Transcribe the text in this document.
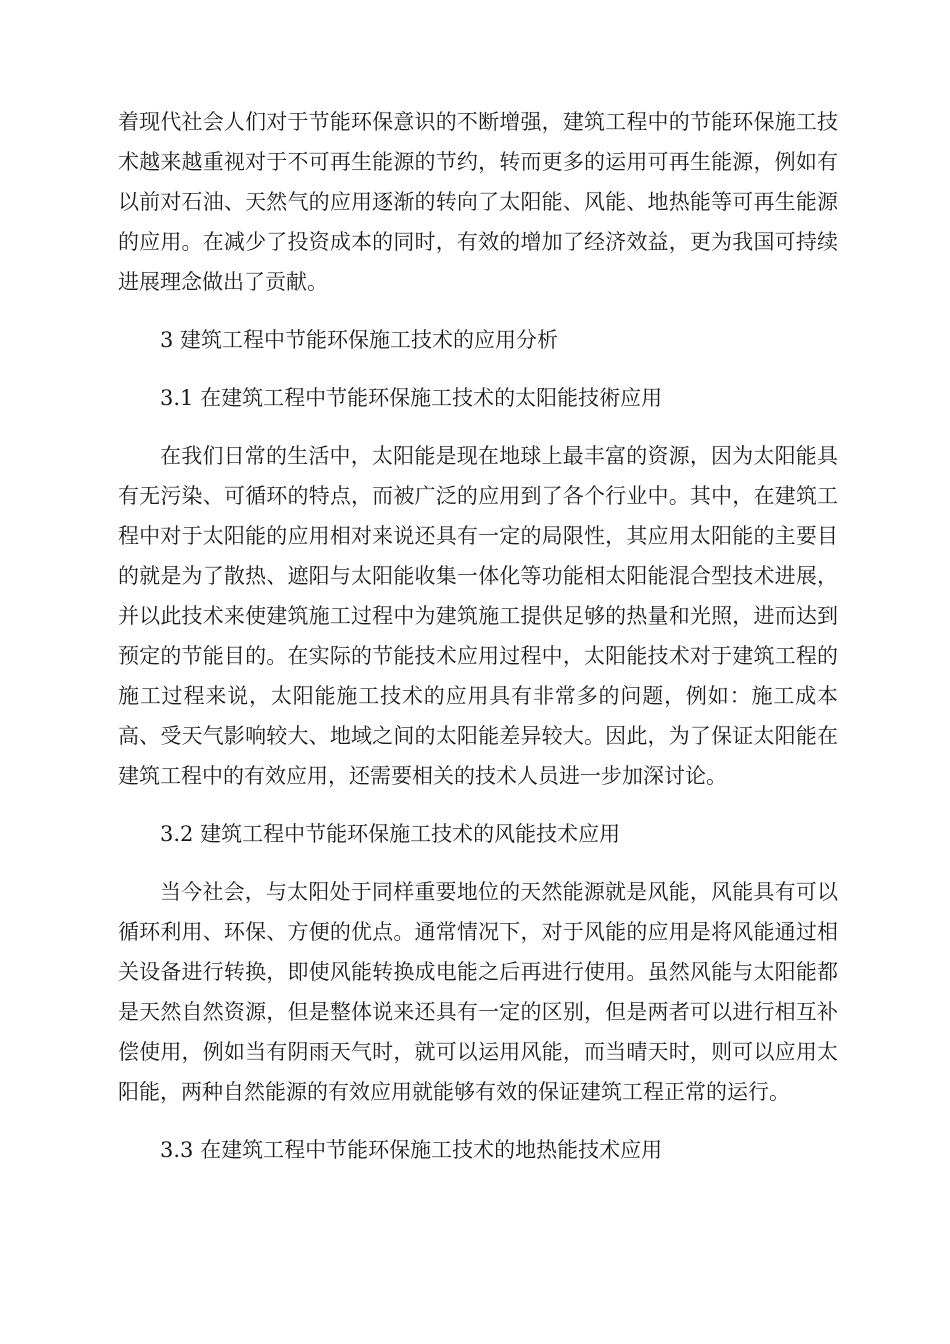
着现代社会人们对于节能环保意识的不断增强，建筑工程中的节能环保施工技术越来越重视对于不可再生能源的节约，转而更多的运用可再生能源，例如有以前对石油、天然气的应用逐渐的转向了太阳能、风能、地热能等可再生能源的应用。在减少了投资成本的同时，有效的增加了经济效益，更为我国可持续进展理念做出了贡献。

3 建筑工程中节能环保施工技术的应用分析

3.1 在建筑工程中节能环保施工技术的太阳能技術应用

在我们日常的生活中，太阳能是现在地球上最丰富的资源，因为太阳能具有无污染、可循环的特点，而被广泛的应用到了各个行业中。其中，在建筑工程中对于太阳能的应用相对来说还具有一定的局限性，其应用太阳能的主要目的就是为了散热、遮阳与太阳能收集一体化等功能相太阳能混合型技术进展，并以此技术来使建筑施工过程中为建筑施工提供足够的热量和光照，进而达到预定的节能目的。在实际的节能技术应用过程中，太阳能技术对于建筑工程的施工过程来说，太阳能施工技术的应用具有非常多的问题，例如：施工成本高、受天气影响较大、地域之间的太阳能差异较大。因此，为了保证太阳能在建筑工程中的有效应用，还需要相关的技术人员进一步加深讨论。

3.2 建筑工程中节能环保施工技术的风能技术应用

当今社会，与太阳处于同样重要地位的天然能源就是风能，风能具有可以循环利用、环保、方便的优点。通常情况下，对于风能的应用是将风能通过相关设备进行转换，即使风能转换成电能之后再进行使用。虽然风能与太阳能都是天然自然资源，但是整体说来还具有一定的区别，但是两者可以进行相互补偿使用，例如当有阴雨天气时，就可以运用风能，而当晴天时，则可以应用太阳能，两种自然能源的有效应用就能够有效的保证建筑工程正常的运行。

3.3 在建筑工程中节能环保施工技术的地热能技术应用
